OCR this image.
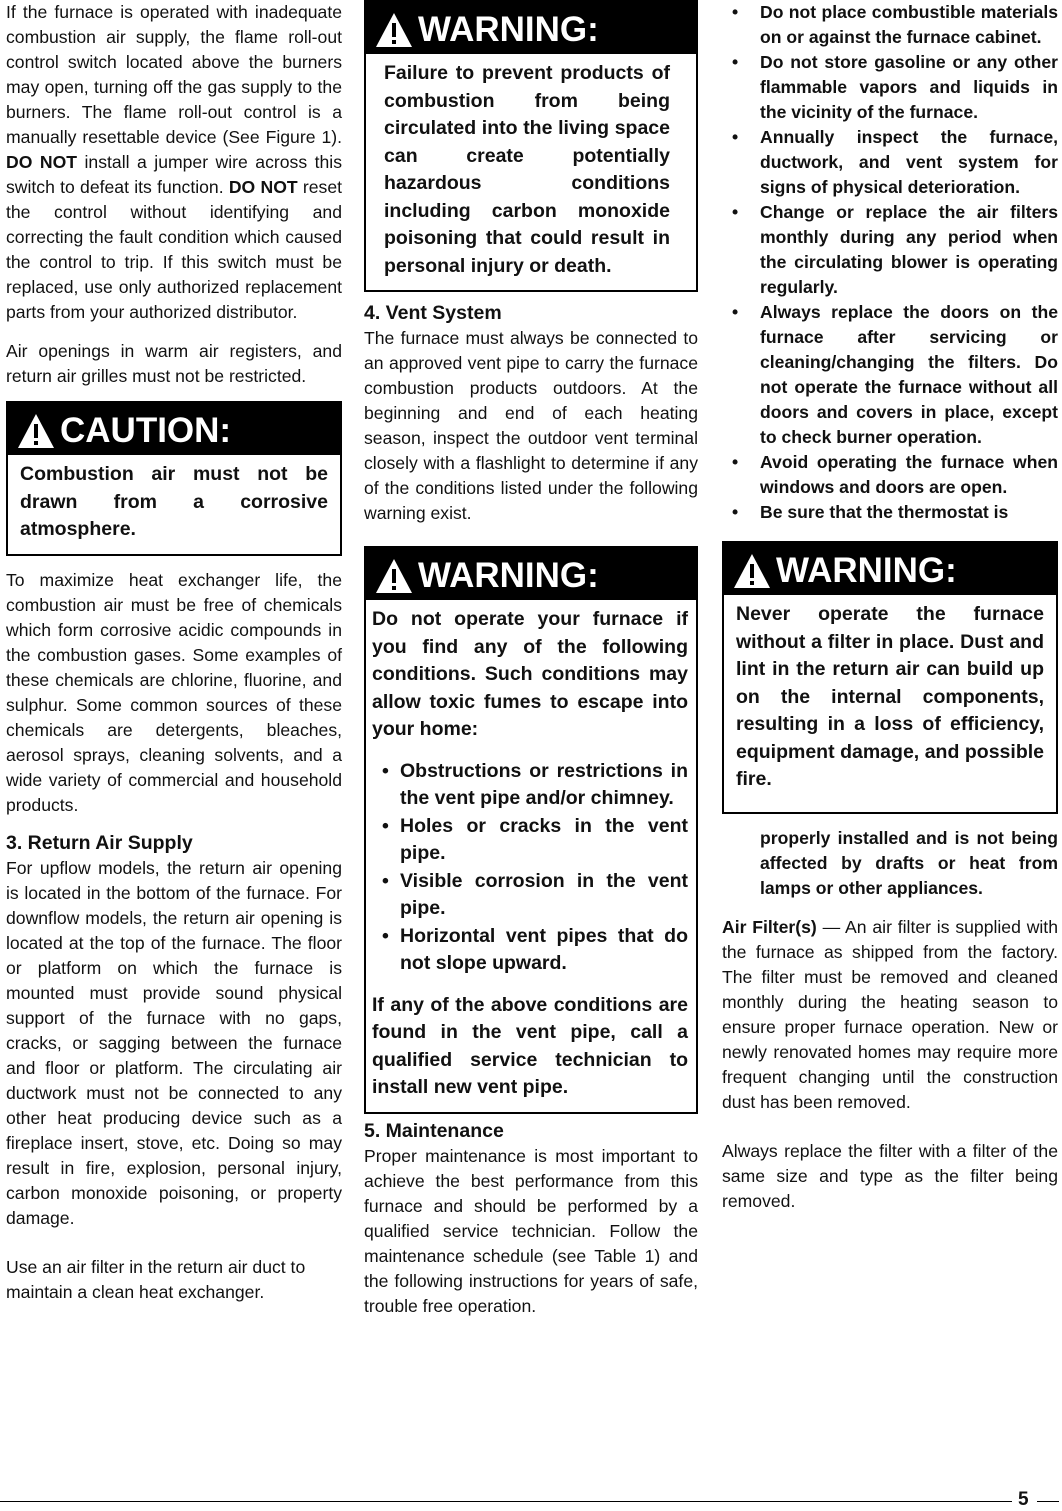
If the furnace is operated with inadequate combustion air supply, the flame roll-out control switch located above the burners may open, turning off the gas supply to the burners. The flame roll-out control is a manually resettable device (See Figure 1). DO NOT install a jumper wire across this switch to defeat its function. DO NOT reset the control without identifying and correcting the fault condition which caused the control to trip. If this switch must be replaced, use only authorized replacement parts from your authorized distributor.

Air openings in warm air registers, and return air grilles must not be restricted.

CAUTION:
Combustion air must not be drawn from a corrosive atmosphere.

To maximize heat exchanger life, the combustion air must be free of chemicals which form corrosive acidic compounds in the combustion gases. Some examples of these chemicals are chlorine, fluorine, and sulphur. Some common sources of these chemicals are detergents, bleaches, aerosol sprays, cleaning solvents, and a wide variety of commercial and household products.

3. Return Air Supply

For upflow models, the return air opening is located in the bottom of the furnace. For downflow models, the return air opening is located at the top of the furnace. The floor or platform on which the furnace is mounted must provide sound physical support of the furnace with no gaps, cracks, or sagging between the furnace and floor or platform. The circulating air ductwork must not be connected to any other heat producing device such as a fireplace insert, stove, etc. Doing so may result in fire, explosion, personal injury, carbon monoxide poisoning, or property damage.

Use an air filter in the return air duct to maintain a clean heat exchanger.

WARNING:
Failure to prevent products of combustion from being circulated into the living space can create potentially hazardous conditions including carbon monoxide poisoning that could result in personal injury or death.
4. Vent System

The furnace must always be connected to an approved vent pipe to carry the furnace combustion products outdoors. At the beginning and end of each heating season, inspect the outdoor vent terminal closely with a flashlight to determine if any of the conditions listed under the following warning exist.

WARNING:
Do not operate your furnace if you find any of the following conditions. Such conditions may allow toxic fumes to escape into your home:
• Obstructions or restrictions in the vent pipe and/or chimney.
• Holes or cracks in the vent pipe.
• Visible corrosion in the vent pipe.
• Horizontal vent pipes that do not slope upward.
If any of the above conditions are found in the vent pipe, call a qualified service technician to install new vent pipe.
5. Maintenance

Proper maintenance is most important to achieve the best performance from this furnace and should be performed by a qualified service technician. Follow the maintenance schedule (see Table 1) and the following instructions for years of safe, trouble free operation.

• Do not place combustible materials on or against the furnace cabinet.
• Do not store gasoline or any other flammable vapors and liquids in the vicinity of the furnace.
• Annually inspect the furnace, ductwork, and vent system for signs of physical deterioration.
• Change or replace the air filters monthly during any period when the circulating blower is operating regularly.
• Always replace the doors on the furnace after servicing or cleaning/changing the filters. Do not operate the furnace without all doors and covers in place, except to check burner operation.
• Avoid operating the furnace when windows and doors are open.
• Be sure that the thermostat is
WARNING:
Never operate the furnace without a filter in place. Dust and lint in the return air can build up on the internal components, resulting in a loss of efficiency, equipment damage, and possible fire.

properly installed and is not being affected by drafts or heat from lamps or other appliances.

Air Filter(s) — An air filter is supplied with the furnace as shipped from the factory. The filter must be removed and cleaned monthly during the heating season to ensure proper furnace operation. New or newly renovated homes may require more frequent changing until the construction dust has been removed.

Always replace the filter with a filter of the same size and type as the filter being removed.

5
